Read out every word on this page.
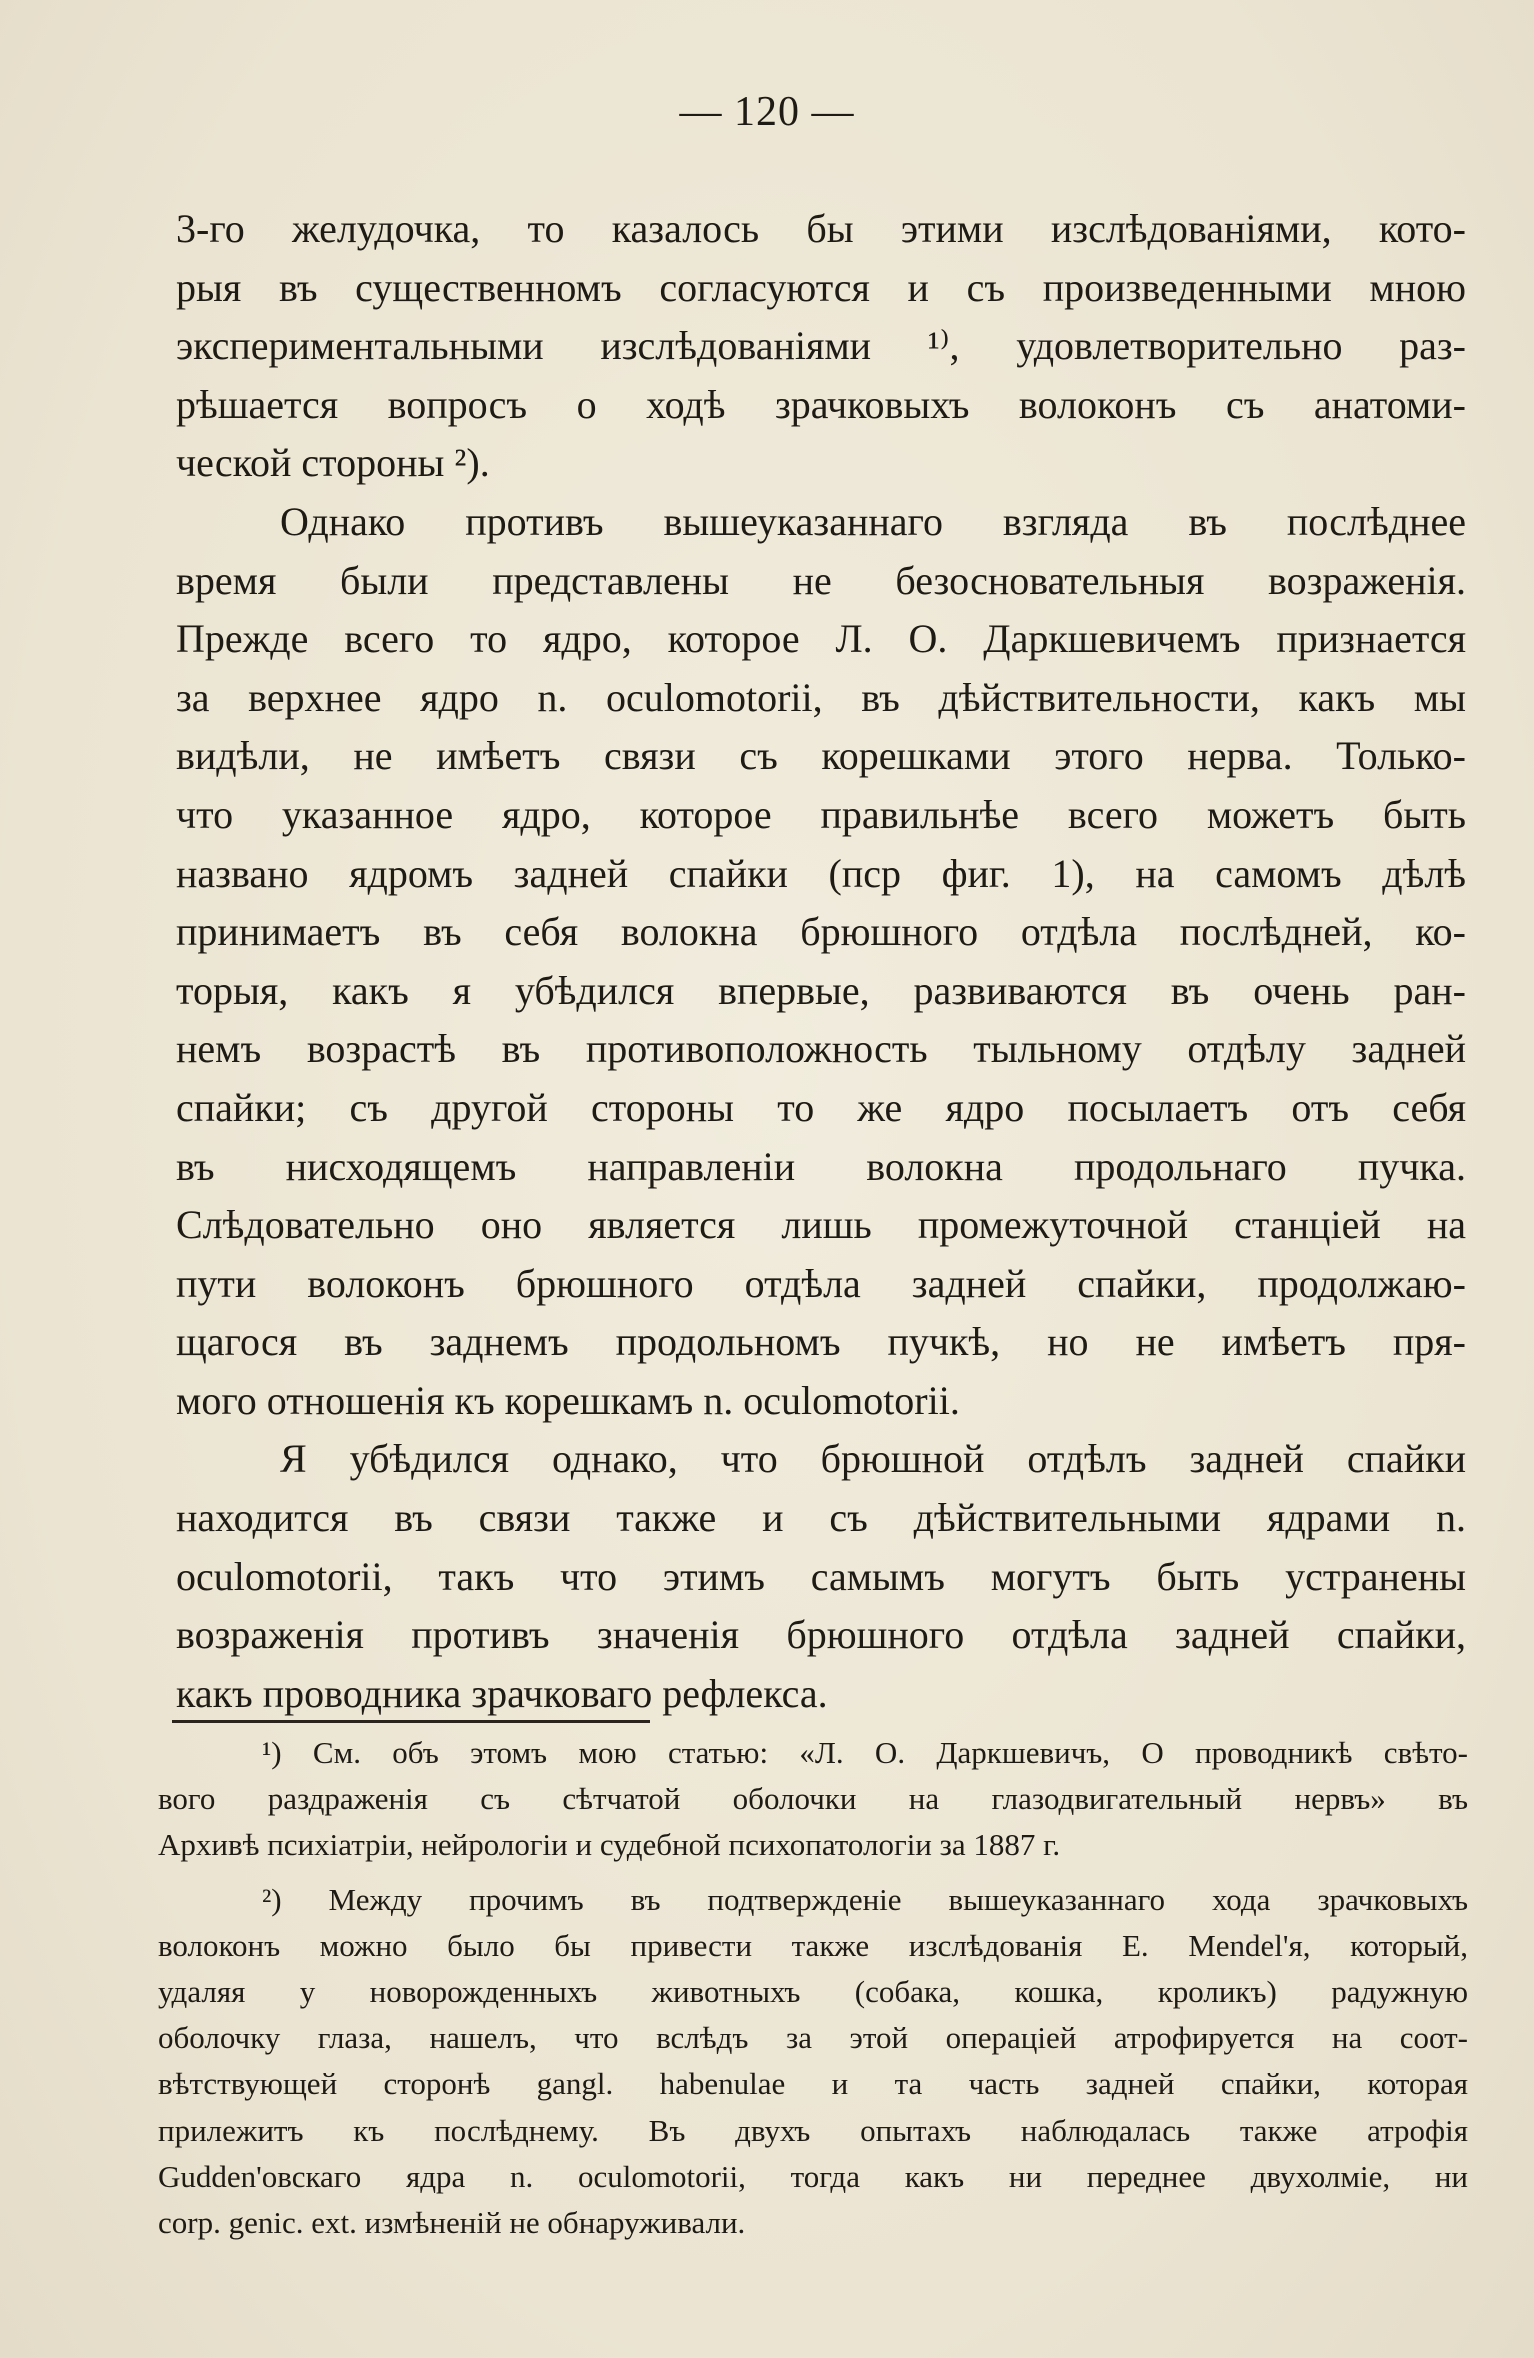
— 120 —
3-го желудочка, то казалось бы этими изслѣдованіями, кото-
рыя въ существенномъ согласуются и съ произведенными мною
экспериментальными изслѣдованіями ¹⁾, удовлетворительно раз-
рѣшается вопросъ о ходѣ зрачковыхъ волоконъ съ анатоми-
ческой стороны ²).
Однако противъ вышеуказаннаго взгляда въ послѣднее
время были представлены не безосновательныя возраженія.
Прежде всего то ядро, которое Л. О. Даркшевичемъ признается
за верхнее ядро n. oculomotorii, въ дѣйствительности, какъ мы
видѣли, не имѣетъ связи съ корешками этого нерва. Только-
что указанное ядро, которое правильнѣе всего можетъ быть
названо ядромъ задней спайки (пср фиг. 1), на самомъ дѣлѣ
принимаетъ въ себя волокна брюшного отдѣла послѣдней, ко-
торыя, какъ я убѣдился впервые, развиваются въ очень ран-
немъ возрастѣ въ противоположность тыльному отдѣлу задней
спайки; съ другой стороны то же ядро посылаетъ отъ себя
въ нисходящемъ направленіи волокна продольнаго пучка.
Слѣдовательно оно является лишь промежуточной станціей на
пути волоконъ брюшного отдѣла задней спайки, продолжаю-
щагося въ заднемъ продольномъ пучкѣ, но не имѣетъ пря-
мого отношенія къ корешкамъ n. oculomotorii.
Я убѣдился однако, что брюшной отдѣлъ задней спайки
находится въ связи также и съ дѣйствительными ядрами n.
oculomotorii, такъ что этимъ самымъ могутъ быть устранены
возраженія противъ значенія брюшного отдѣла задней спайки,
какъ проводника зрачковаго рефлекса.
¹) См. объ этомъ мою статью: «Л. О. Даркшевичъ, О проводникѣ свѣто-
вого раздраженія съ сѣтчатой оболочки на глазодвигательный нервъ» въ
Архивѣ психіатріи, нейрологіи и судебной психопатологіи за 1887 г.
²) Между прочимъ въ подтвержденіе вышеуказаннаго хода зрачковыхъ
волоконъ можно было бы привести также изслѣдованія E. Mendel'я, который,
удаляя у новорожденныхъ животныхъ (собака, кошка, кроликъ) радужную
оболочку глаза, нашелъ, что вслѣдъ за этой операціей атрофируется на соот-
вѣтствующей сторонѣ gangl. habenulae и та часть задней спайки, которая
прилежитъ къ послѣднему. Въ двухъ опытахъ наблюдалась также атрофія
Gudden'овскаго ядра n. oculomotorii, тогда какъ ни переднее двухолміе, ни
corp. genic. ext. измѣненій не обнаруживали.
